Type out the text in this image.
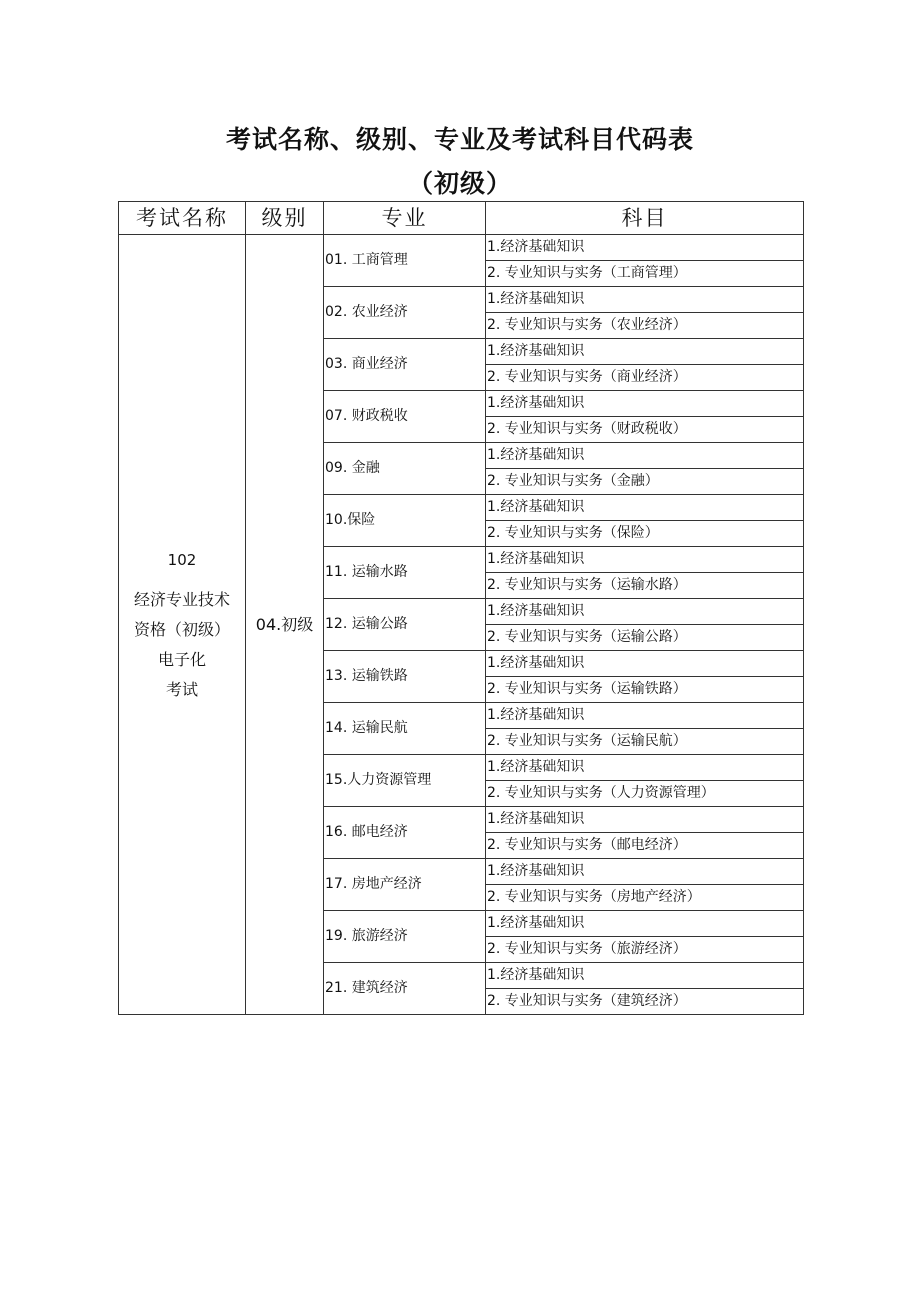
考试名称、级别、专业及考试科目代码表
（初级）
考试名称	级别	专业	科目

102
经济专业技术
资格（初级）
电子化
考试	04.初级	01. 工商管理	1.经济基础知识
			2. 专业知识与实务（工商管理）
		02. 农业经济	1.经济基础知识
			2. 专业知识与实务（农业经济）
		03. 商业经济	1.经济基础知识
			2. 专业知识与实务（商业经济）
		07. 财政税收	1.经济基础知识
			2. 专业知识与实务（财政税收）
		09. 金融	1.经济基础知识
			2. 专业知识与实务（金融）
		10.保险	1.经济基础知识
			2. 专业知识与实务（保险）
		11. 运输水路	1.经济基础知识
			2. 专业知识与实务（运输水路）
		12. 运输公路	1.经济基础知识
			2. 专业知识与实务（运输公路）
		13. 运输铁路	1.经济基础知识
			2. 专业知识与实务（运输铁路）
		14. 运输民航	1.经济基础知识
			2. 专业知识与实务（运输民航）
		15.人力资源管理	1.经济基础知识
			2. 专业知识与实务（人力资源管理）
		16. 邮电经济	1.经济基础知识
			2. 专业知识与实务（邮电经济）
		17. 房地产经济	1.经济基础知识
			2. 专业知识与实务（房地产经济）
		19. 旅游经济	1.经济基础知识
			2. 专业知识与实务（旅游经济）
		21. 建筑经济	1.经济基础知识
			2. 专业知识与实务（建筑经济）
